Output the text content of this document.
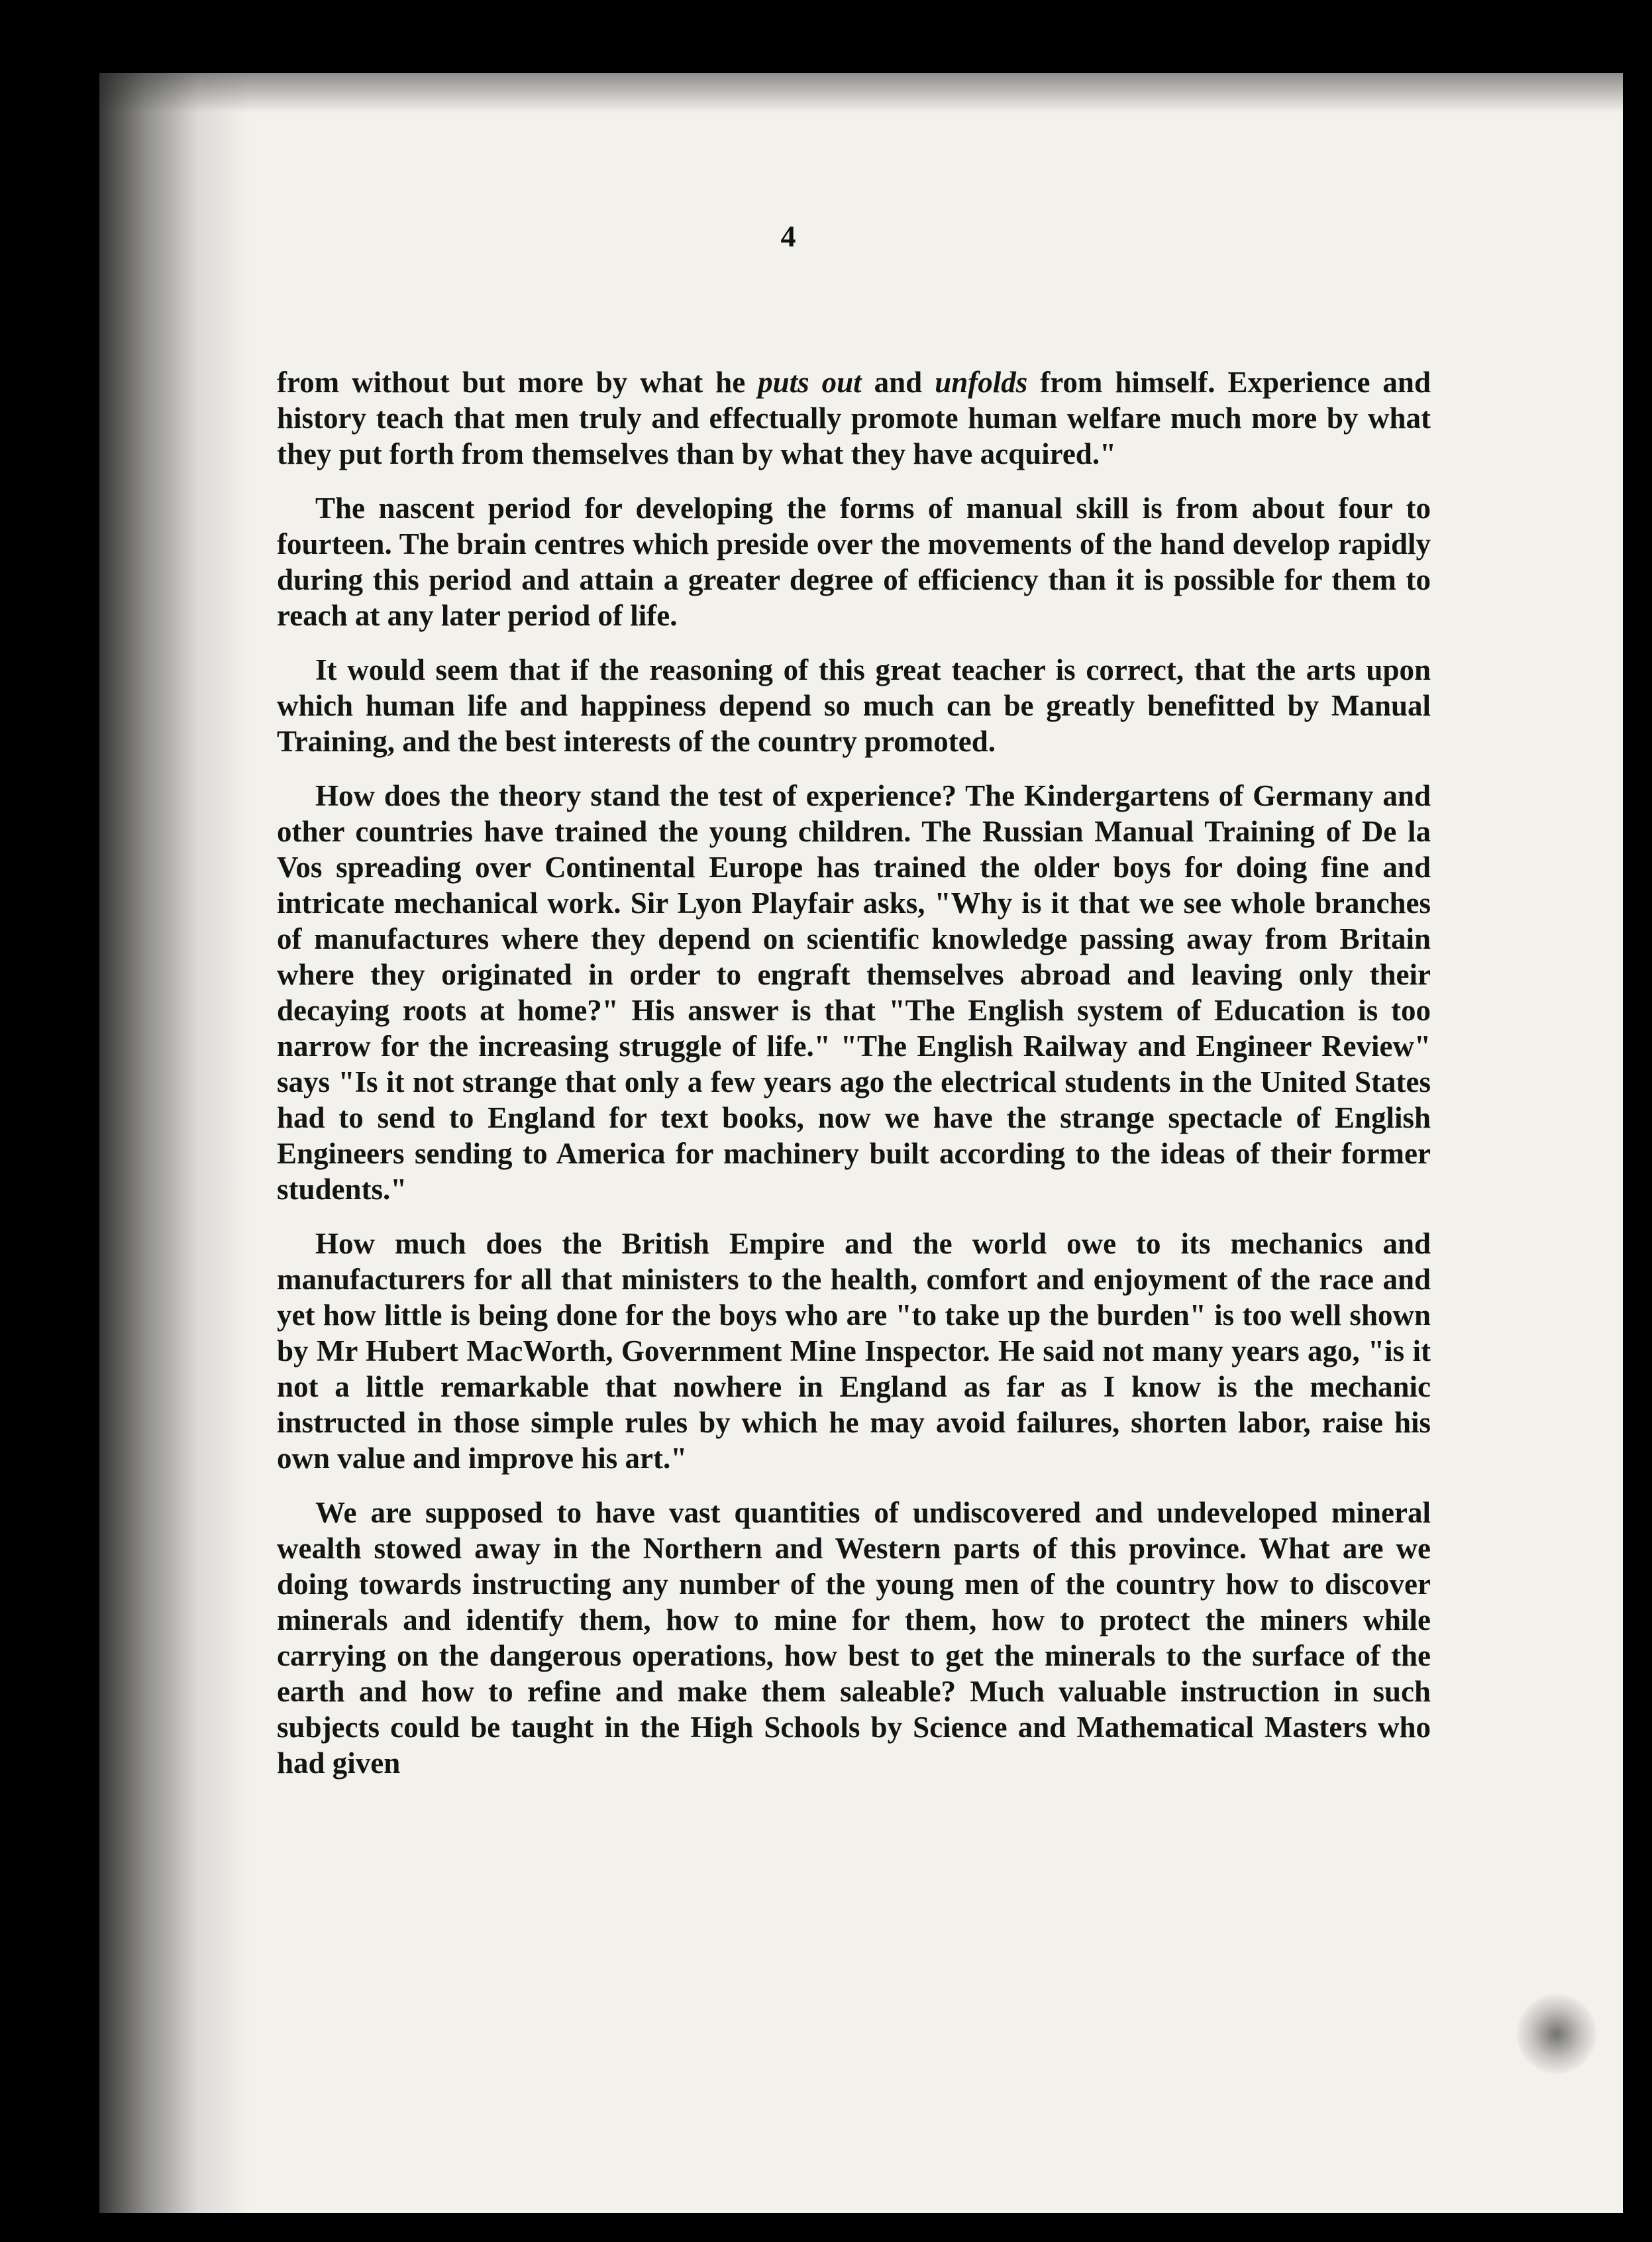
4

from without but more by what he puts out and unfolds from himself. Experience and history teach that men truly and effectually promote human welfare much more by what they put forth from themselves than by what they have acquired."

The nascent period for developing the forms of manual skill is from about four to fourteen. The brain centres which preside over the movements of the hand develop rapidly during this period and attain a greater degree of efficiency than it is possible for them to reach at any later period of life.

It would seem that if the reasoning of this great teacher is correct, that the arts upon which human life and happiness depend so much can be greatly benefitted by Manual Training, and the best interests of the country promoted.

How does the theory stand the test of experience? The Kindergartens of Germany and other countries have trained the young children. The Russian Manual Training of De la Vos spreading over Continental Europe has trained the older boys for doing fine and intricate mechanical work. Sir Lyon Playfair asks, "Why is it that we see whole branches of manufactures where they depend on scientific knowledge passing away from Britain where they originated in order to engraft themselves abroad and leaving only their decaying roots at home?" His answer is that "The English system of Education is too narrow for the increasing struggle of life." "The English Railway and Engineer Review" says "Is it not strange that only a few years ago the electrical students in the United States had to send to England for text books, now we have the strange spectacle of English Engineers sending to America for machinery built according to the ideas of their former students."

How much does the British Empire and the world owe to its mechanics and manufacturers for all that ministers to the health, comfort and enjoyment of the race and yet how little is being done for the boys who are "to take up the burden" is too well shown by Mr Hubert MacWorth, Government Mine Inspector. He said not many years ago, "is it not a little remarkable that nowhere in England as far as I know is the mechanic instructed in those simple rules by which he may avoid failures, shorten labor, raise his own value and improve his art."

We are supposed to have vast quantities of undiscovered and undeveloped mineral wealth stowed away in the Northern and Western parts of this province. What are we doing towards instructing any number of the young men of the country how to discover minerals and identify them, how to mine for them, how to protect the miners while carrying on the dangerous operations, how best to get the minerals to the surface of the earth and how to refine and make them saleable? Much valuable instruction in such subjects could be taught in the High Schools by Science and Mathematical Masters who had given
